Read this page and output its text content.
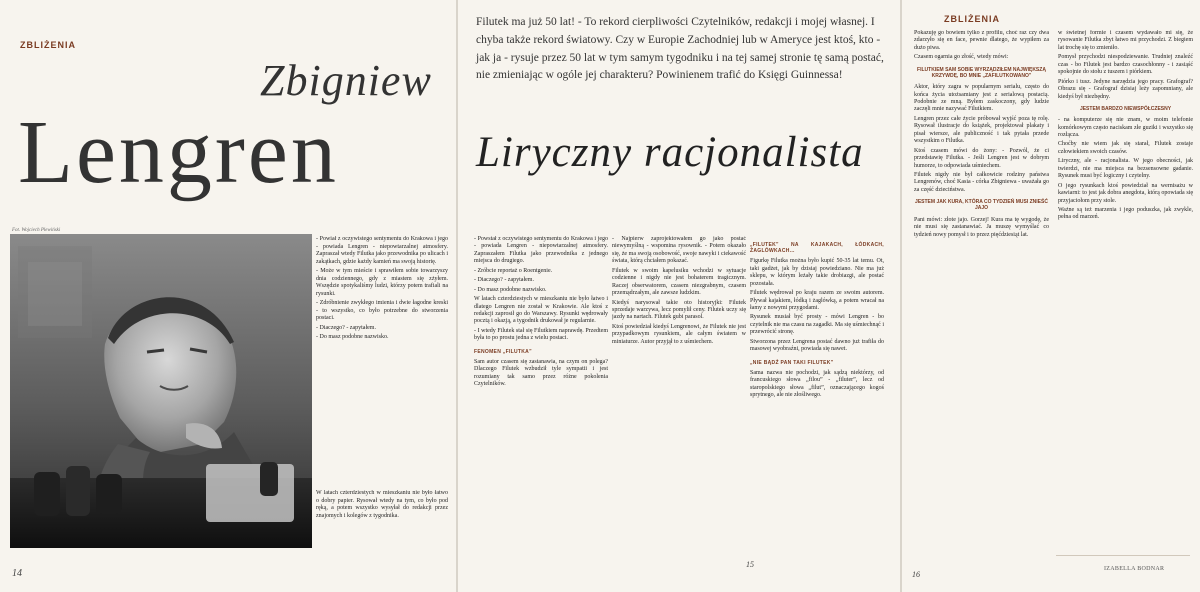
ZBLIŻENIA
Zbigniew
Lengren
Fot. Wojciech Plewiński

- Powiał z oczywistego sentymentu do Krakowa i jego - powiada Lengren - niepowtarzalnej atmosfery. Zapraszał wtedy Filutka jako przewodnika po ulicach i zakątkach, gdzie każdy kamień ma swoją historię.

- Może w tym mieście i sprawiłem sobie towarzyszy dnia codziennego, gdy z miastem się zżyłem. Wszędzie spotykaliśmy ludzi, którzy potem trafiali na rysunki.

- Zdróbnienie zwykłego imienia i dwie łagodne kreski - to wszystko, co było potrzebne do stworzenia postaci.

- Diaczego? - zapytałem.

- Do masz podobne nazwisko.

W latach czterdziestych w mieszkaniu nie było łatwo o dobry papier. Rysował wtedy na tym, co było pod ręką, a potem wszystko wysyłał do redakcji przez znajomych i kolegów z tygodnika.
14
Filutek ma już 50 lat! - To rekord cierpliwości Czytelników, redakcji i mojej własnej. I chyba także rekord światowy. Czy w Europie Zachodniej lub w Ameryce jest ktoś, kto - jak ja - rysuje przez 50 lat w tym samym tygodniku i na tej samej stronie tę samą postać, nie zmieniając w ogóle jej charakteru? Powinienem trafić do Księgi Guinnessa!
Liryczny racjonalista

- Powstał z oczywistego sentymentu do Krakowa i jego - powiada Lengren - niepowtarzalnej atmosfery. Zapraszałem Filutka jako przewodnika z jednego miejsca do drugiego.

- Zróbcie reportaż o Roentgenie.

- Diaczego? - zapytałem.

- Do masz podobne nazwisko.

W latach czterdziestych w mieszkaniu nie było łatwo i dlatego Lengren nie został w Krakowie. Ale ktoś z redakcji zaprosił go do Warszawy. Rysunki wędrowały pocztą i okazją, a tygodnik drukował je regularnie.

- I wtedy Filutek stał się Filutkiem naprawdę. Przedtem była to po prostu jedna z wielu postaci.

FENOMEN „FILUTKA”

Sam autor czasem się zastanawia, na czym on polega? Dlaczego Filutek wzbudził tyle sympatii i jest rozumiany tak samo przez różne pokolenia Czytelników.

- Najpierw zaprojektowałem go jako postać niewymyślną - wspomina rysownik. - Potem okazało się, że ma swoją osobowość, swoje nawyki i ciekawość świata, którą chciałem pokazać.

Filutek w swoim kapelusiku wchodzi w sytuacje codzienne i nigdy nie jest bohaterem tragicznym. Raczej obserwatorem, czasem niezgrabnym, czasem przemądrzałym, ale zawsze ludzkim.

Kiedyś narysował takie oto historyjki: Filutek sprzedaje warzywa, lecz pomylił ceny. Filutek uczy się jazdy na nartach. Filutek gubi parasol.

Ktoś powiedział kiedyś Lengrenowi, że Filutek nie jest przypadkowym rysunkiem, ale całym światem w miniaturze. Autor przyjął to z uśmiechem.

„FILUTEK” NA KAJAKACH, ŁÓDKACH, ŻAGLÓWKACH...

Figurkę Filutka można było kupić 50-35 lat temu. Ot, taki gadżet, jak by dzisiaj powiedziano. Nie ma już sklepu, w którym leżały takie drobiazgi, ale postać pozostała.

Filutek wędrował po kraju razem ze swoim autorem. Pływał kajakiem, łódką i żaglówką, a potem wracał na łamy z nowymi przygodami.

Rysunek musiał być prosty - mówi Lengren - bo czytelnik nie ma czasu na zagadki. Ma się uśmiechnąć i przewrócić stronę.

Stworzona przez Lengrena postać dawno już trafiła do masowej wyobraźni, powiada się nawet.

„NIE BĄDŹ PAN TAKI FILUTEK”

Sama nazwa nie pochodzi, jak sądzą niektórzy, od francuskiego słowa „filou” - „filuter”, lecz od staropolskiego słowa „filut”, oznaczającego kogoś sprytnego, ale nie złośliwego.

15
ZBLIŻENIA

Pokazuję go bowiem tylko z profilu, choć raz czy dwa zdarzyło się en face, pewnie dlatego, że wypiłem za dużo piwa.

Czasem ogarnia go złość, wtedy mówi:

FILUTKIEM SAM SOBIE WYRZĄDZIŁEM NAJWIĘKSZĄ KRZYWDĘ, BO MNIE „ZAFILUTKOWANO”

Aktor, który zagra w popularnym serialu, często do końca życia utożsamiany jest z serialową postacią. Podobnie ze mną. Byłem zaskoczony, gdy ludzie zaczęli mnie nazywać Filutkiem.

Lengren przez całe życie próbował wyjść poza tę rolę. Rysował ilustracje do książek, projektował plakaty i pisał wiersze, ale publiczność i tak pytała przede wszystkim o Filutka.

Ktoś czasem mówi do żony: - Pozwól, że ci przedstawię Filutka. - Jeśli Lengren jest w dobrym humorze, to odpowiada uśmiechem.

Filutek nigdy nie był całkowicie rodziny państwa Lengrenów, choć Kasia - córka Zbigniewa - uważała go za część dzieciństwa.

JESTEM JAK KURA, KTÓRA CO TYDZIEŃ MUSI ZNIEŚĆ JAJO

Pani mówi: złote jajo. Gorzej! Kura ma tę wygodę, że nie musi się zastanawiać. Ja muszę wymyślać co tydzień nowy pomysł i to przez pięćdziesiąt lat.

w świetnej formie i czasem wydawało mi się, że rysowanie Filutka zbyt łatwo mi przychodzi. Z biegiem lat trochę się to zmieniło.

Pomysł przychodzi niespodziewanie. Trudniej znaleźć czas - bo Filutek jest bardzo czasochłonny - i zasiąść spokojnie do stołu z tuszem i piórkiem.

Piórko i tusz. Jedyne narzędzia jego pracy. Grafograf? Obrazu się - Grafograf dzisiaj leży zapomniany, ale kiedyś był niezbędny.

JESTEM BARDZO NIEWSPÓŁCZESNY

- na komputerze się nie znam, w moim telefonie komórkowym często naciskam złe guziki i wszystko się rozłącza.

Choćby nie wiem jak się starał, Filutek zostaje człowiekiem swoich czasów.

Liryczny, ale - racjonalista. W jego obecności, jak twierdzi, nie ma miejsca na bezsensowne gadanie. Rysunek musi być logiczny i czytelny.

O jego rysunkach ktoś powiedział na wernisażu w kawiarni: to jest jak dobra anegdota, którą opowiada się przyjaciołom przy stole.

Ważne są też marzenia i jego poduszka, jak zwykle, pełna od marzeń.

IZABELLA BODNAR
16
